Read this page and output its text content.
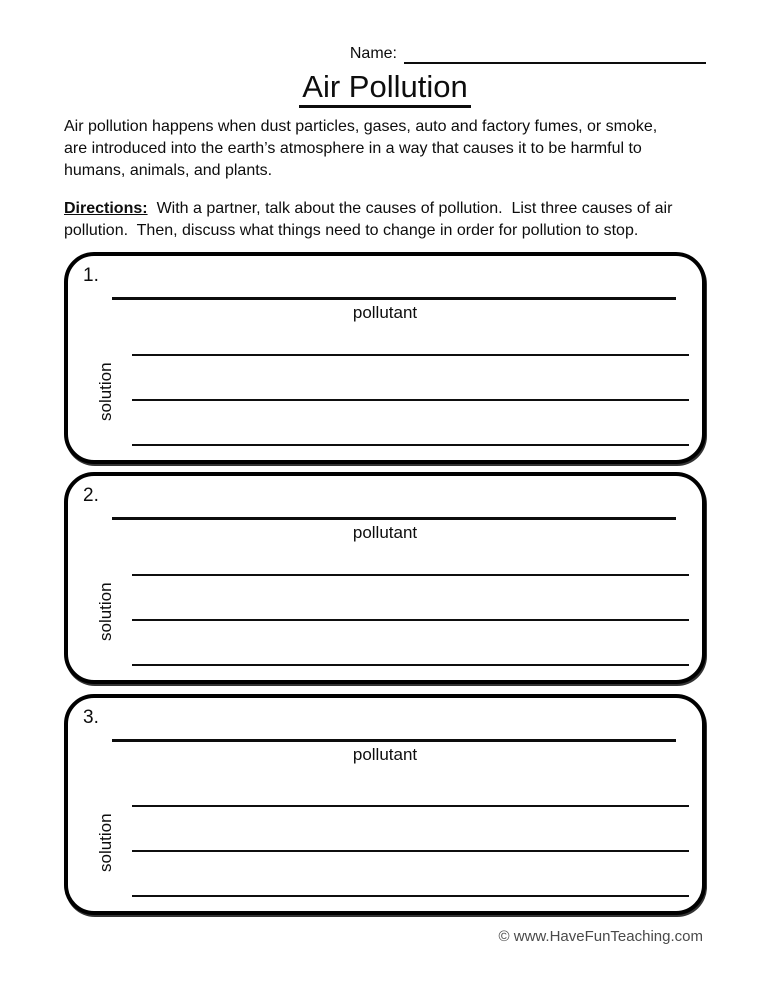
Name:
Air Pollution
Air pollution happens when dust particles, gases, auto and factory fumes, or smoke,
are introduced into the earth’s atmosphere in a way that causes it to be harmful to
humans, animals, and plants.
Directions: With a partner, talk about the causes of pollution.  List three causes of air
pollution.  Then, discuss what things need to change in order for pollution to stop.
1.
pollutant
solution
2.
pollutant
solution
3.
pollutant
solution
© www.HaveFunTeaching.com
